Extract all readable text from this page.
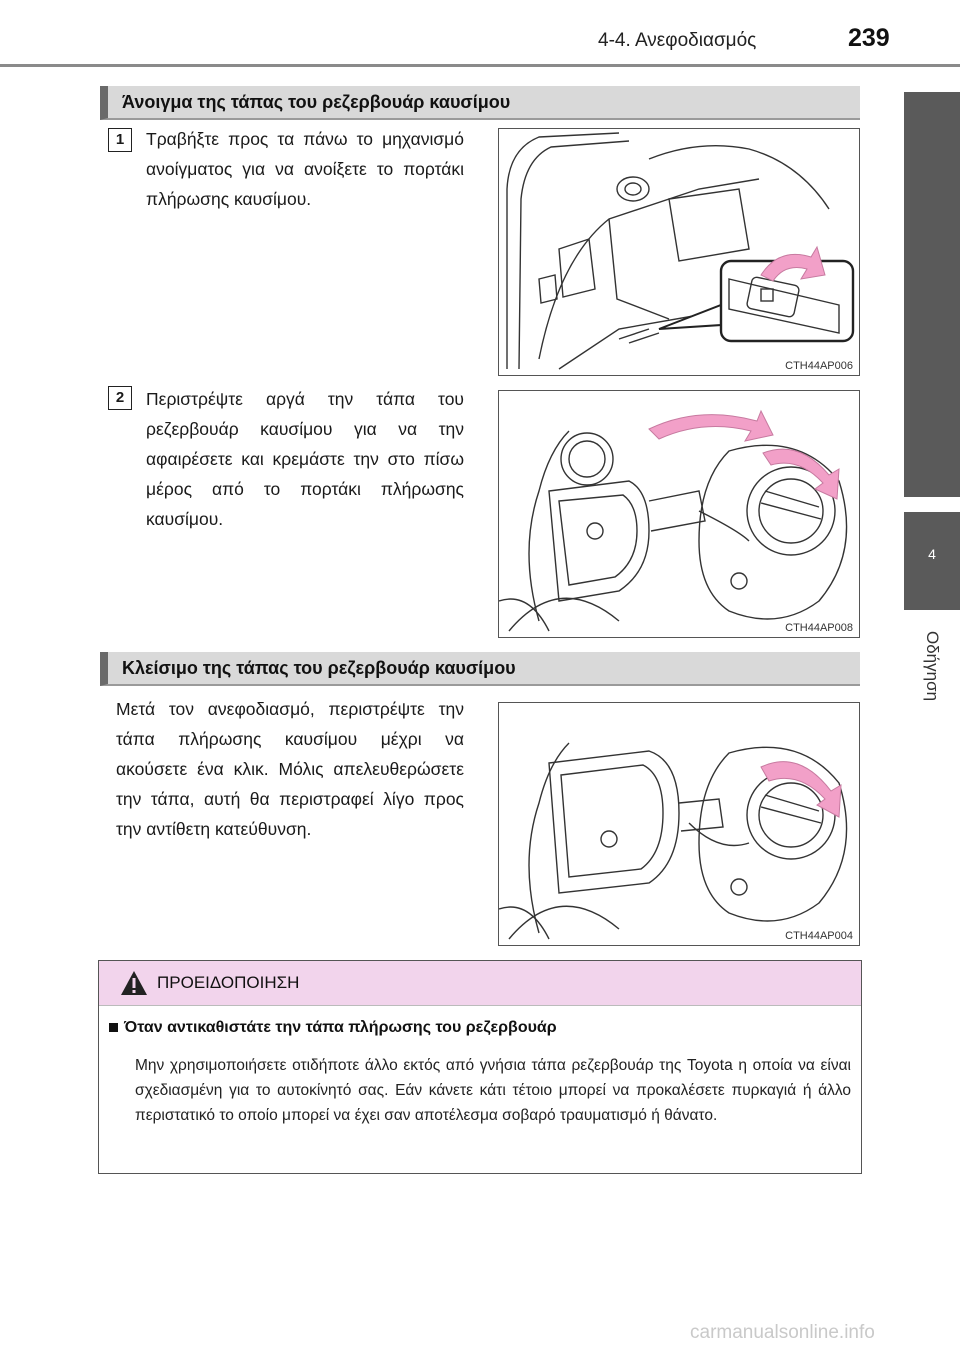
4-4. Ανεφοδιασμός	239
4
Οδήγηση
Άνοιγμα της τάπας του ρεζερβουάρ καυσίμου
1	Τραβήξτε προς τα πάνω το μηχανισμό ανοίγματος για να ανοίξετε το πορτάκι πλήρωσης καυσίμου.
CTH44AP006
2	Περιστρέψτε αργά την τάπα του ρεζερβουάρ καυσίμου για να την αφαιρέσετε και κρεμάστε την στο πίσω μέρος από το πορτάκι πλήρωσης καυσίμου.
CTH44AP008
Κλείσιμο της τάπας του ρεζερβουάρ καυσίμου
Μετά τον ανεφοδιασμό, περιστρέψτε την τάπα πλήρωσης καυσίμου μέχρι να ακούσετε ένα κλικ. Μόλις απελευθερώσετε την τάπα, αυτή θα περιστραφεί λίγο προς την αντίθετη κατεύθυνση.
CTH44AP004
ΠΡΟΕΙΔΟΠΟΙΗΣΗ
Όταν αντικαθιστάτε την τάπα πλήρωσης του ρεζερβουάρ
Μην χρησιμοποιήσετε οτιδήποτε άλλο εκτός από γνήσια τάπα ρεζερβουάρ της Toyota η οποία να είναι σχεδιασμένη για το αυτοκίνητό σας. Εάν κάνετε κάτι τέτοιο μπορεί να προκαλέσετε πυρκαγιά ή άλλο περιστατικό το οποίο μπορεί να έχει σαν αποτέλεσμα σοβαρό τραυματισμό ή θάνατο.
carmanualsonline.info
